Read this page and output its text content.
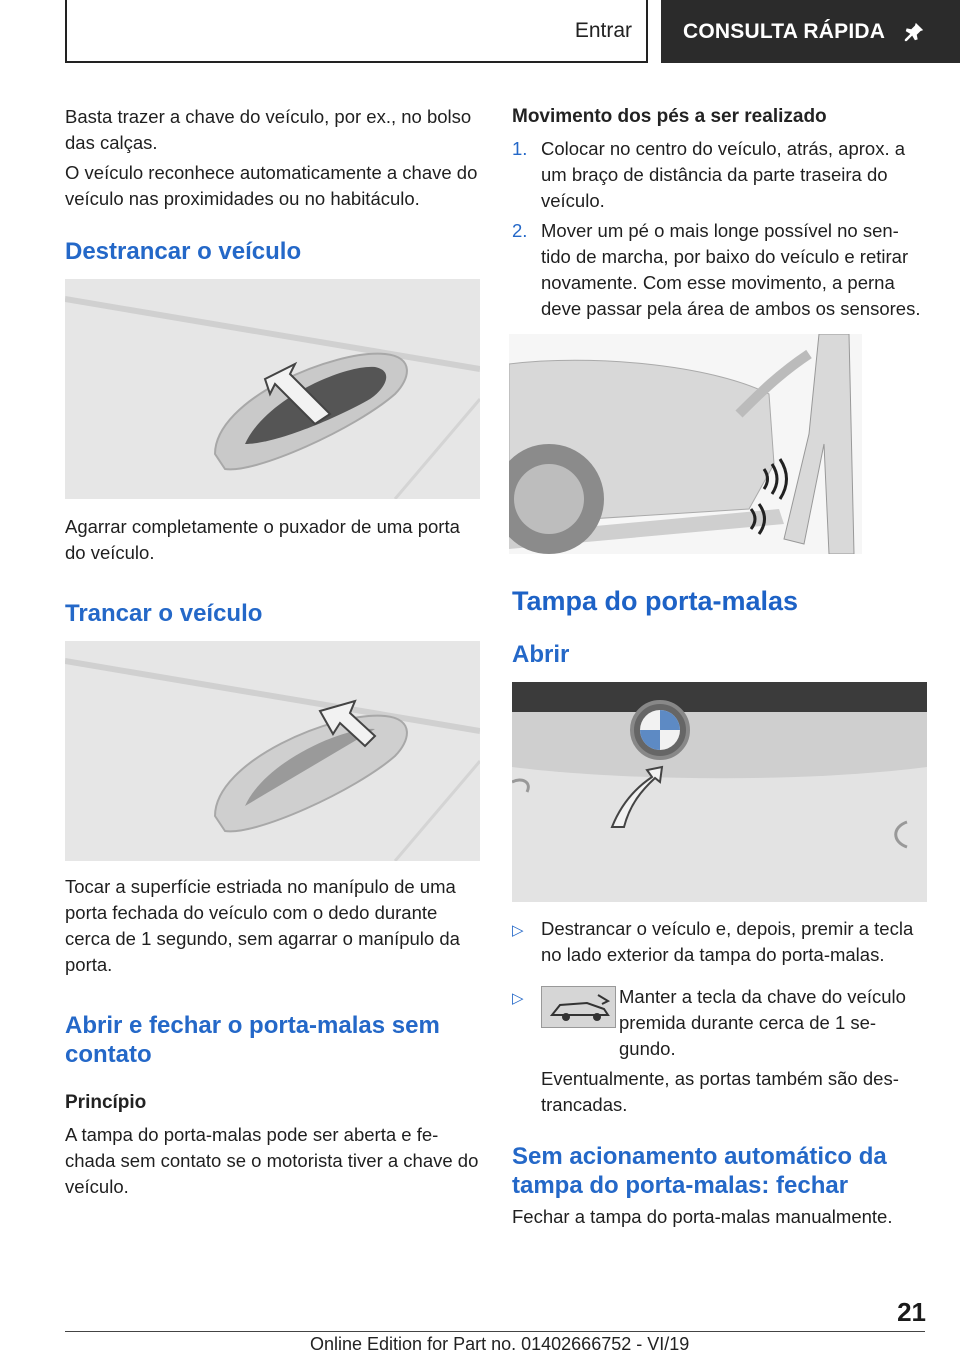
Entrar CONSULTA RÁPIDA
Basta trazer a chave do veículo, por ex., no bolso das calças.
O veículo reconhece automaticamente a chave do veículo nas proximidades ou no habitáculo.
Destrancar o veículo
Agarrar completamente o puxador de uma porta do veículo.
Trancar o veículo
Tocar a superfície estriada no manípulo de uma porta fechada do veículo com o dedo durante cerca de 1 segundo, sem agarrar o manípulo da porta.
Abrir e fechar o porta-malas sem contato
Princípio
A tampa do porta-malas pode ser aberta e fe-chada sem contato se o motorista tiver a chave do veículo.
Movimento dos pés a ser realizado
1. Colocar no centro do veículo, atrás, aprox. a um braço de distância da parte traseira do veículo.
2. Mover um pé o mais longe possível no sen-tido de marcha, por baixo do veículo e retirar novamente. Com esse movimento, a perna deve passar pela área de ambos os sensores.
Tampa do porta-malas
Abrir
▷ Destrancar o veículo e, depois, premir a tecla no lado exterior da tampa do porta-malas.
▷	Manter a tecla da chave do veículo premida durante cerca de 1 se-gundo.
Eventualmente, as portas também são des-trancadas.
Sem acionamento automático da tampa do porta-malas: fechar
Fechar a tampa do porta-malas manualmente.
21
Online Edition for Part no. 01402666752 - VI/19
